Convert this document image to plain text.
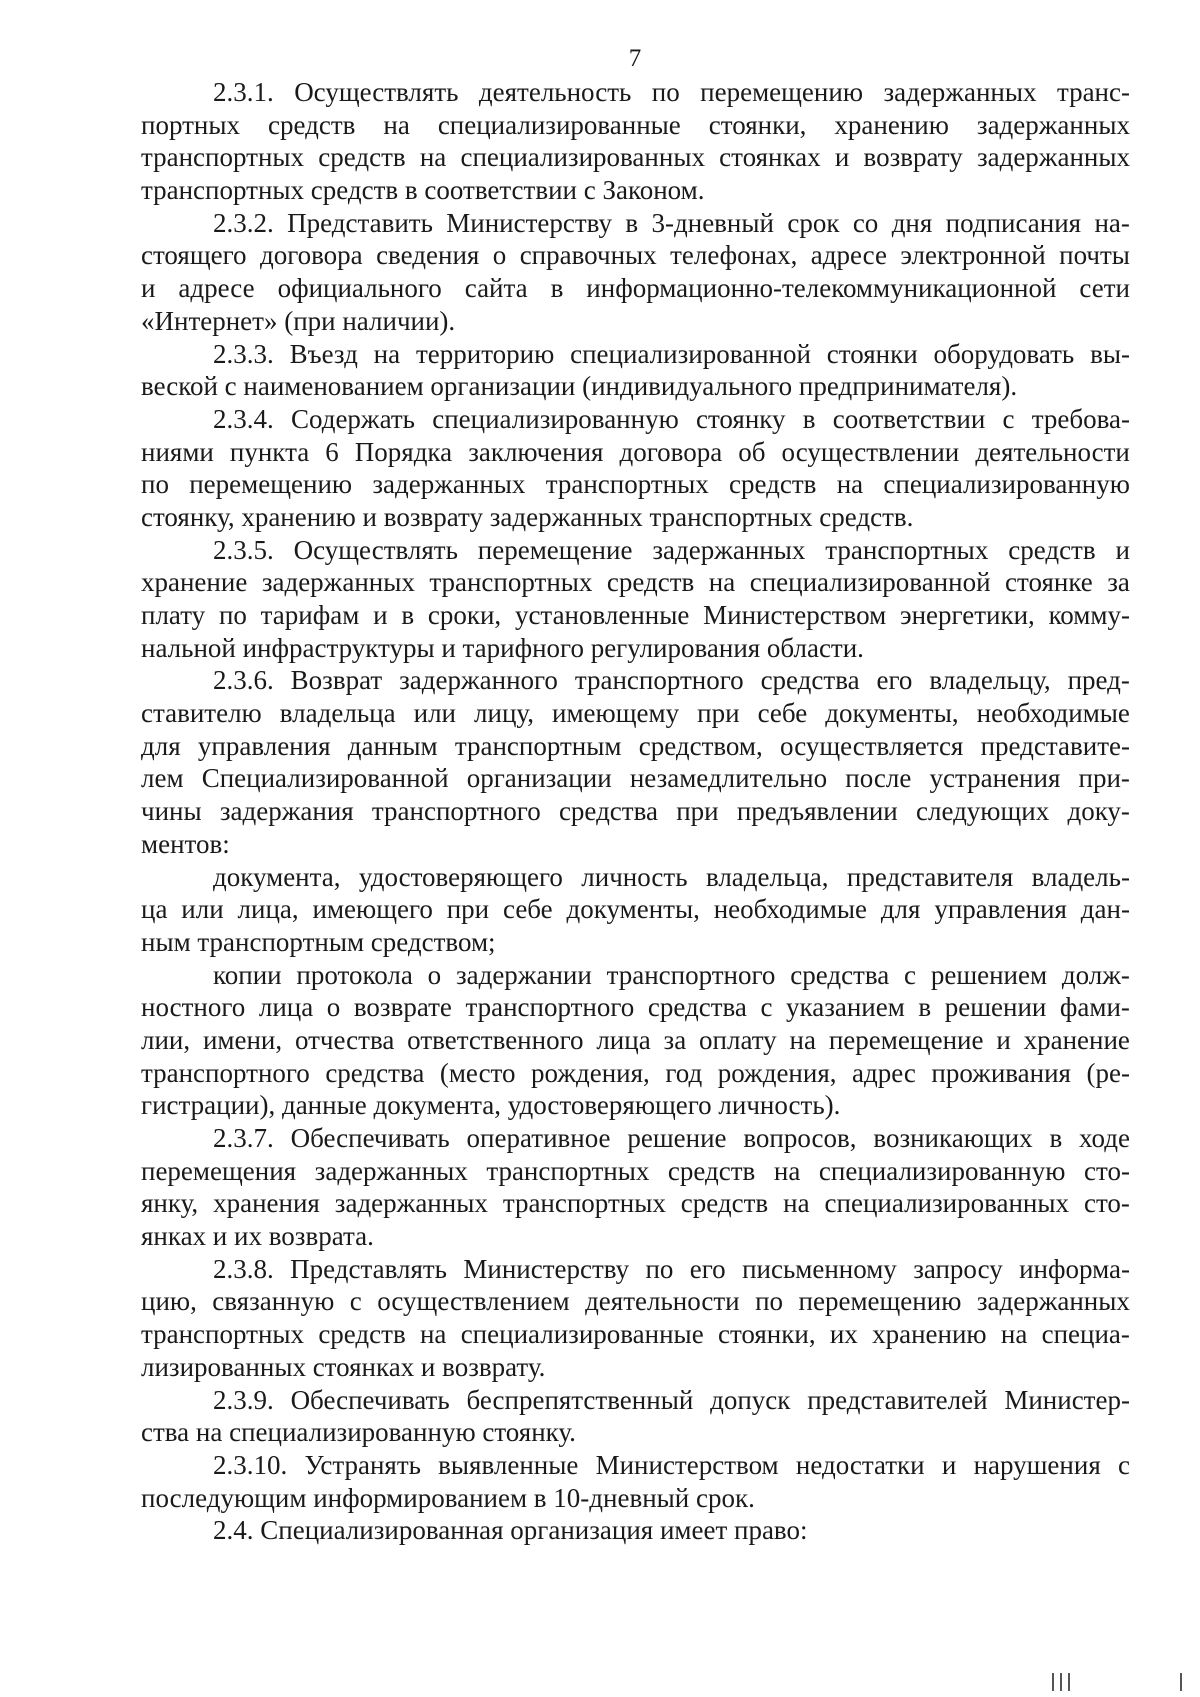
7
2.3.1. Осуществлять деятельность по перемещению задержанных транс-
портных средств на специализированные стоянки, хранению задержанных
транспортных средств на специализированных стоянках и возврату задержанных
транспортных средств в соответствии с Законом.
2.3.2. Представить Министерству в 3-дневный срок со дня подписания на-
стоящего договора сведения о справочных телефонах, адресе электронной почты
и адресе официального сайта в информационно-телекоммуникационной сети
«Интернет» (при наличии).
2.3.3. Въезд на территорию специализированной стоянки оборудовать вы-
веской с наименованием организации (индивидуального предпринимателя).
2.3.4. Содержать специализированную стоянку в соответствии с требова-
ниями пункта 6 Порядка заключения договора об осуществлении деятельности
по перемещению задержанных транспортных средств на специализированную
стоянку, хранению и возврату задержанных транспортных средств.
2.3.5. Осуществлять перемещение задержанных транспортных средств и
хранение задержанных транспортных средств на специализированной стоянке за
плату по тарифам и в сроки, установленные Министерством энергетики, комму-
нальной инфраструктуры и тарифного регулирования области.
2.3.6. Возврат задержанного транспортного средства его владельцу, пред-
ставителю владельца или лицу, имеющему при себе документы, необходимые
для управления данным транспортным средством, осуществляется представите-
лем Специализированной организации незамедлительно после устранения при-
чины задержания транспортного средства при предъявлении следующих доку-
ментов:
документа, удостоверяющего личность владельца, представителя владель-
ца или лица, имеющего при себе документы, необходимые для управления дан-
ным транспортным средством;
копии протокола о задержании транспортного средства с решением долж-
ностного лица о возврате транспортного средства с указанием в решении фами-
лии, имени, отчества ответственного лица за оплату на перемещение и хранение
транспортного средства (место рождения, год рождения, адрес проживания (ре-
гистрации), данные документа, удостоверяющего личность).
2.3.7. Обеспечивать оперативное решение вопросов, возникающих в ходе
перемещения задержанных транспортных средств на специализированную сто-
янку, хранения задержанных транспортных средств на специализированных сто-
янках и их возврата.
2.3.8. Представлять Министерству по его письменному запросу информа-
цию, связанную с осуществлением деятельности по перемещению задержанных
транспортных средств на специализированные стоянки, их хранению на специа-
лизированных стоянках и возврату.
2.3.9. Обеспечивать беспрепятственный допуск представителей Министер-
ства на специализированную стоянку.
2.3.10. Устранять выявленные Министерством недостатки и нарушения с
последующим информированием в 10-дневный срок.
2.4. Специализированная организация имеет право:
